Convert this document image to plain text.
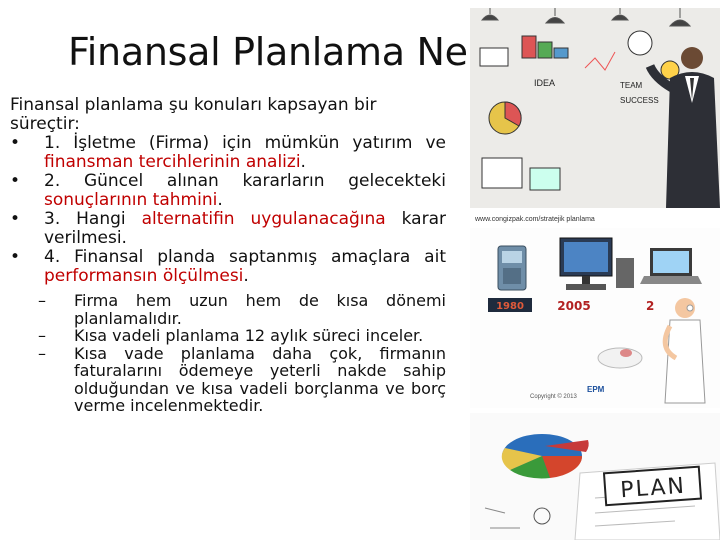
Finansal Planlama Ne

Finansal planlama şu konuları kapsayan bir süreçtir:

•	1. İşletme (Firma) için mümkün yatırım ve finansman tercihlerinin analizi.
•	2. Güncel alınan kararların gelecekteki sonuçlarının tahmini.
•	3. Hangi alternatifin uygulanacağına karar verilmesi.
•	4. Finansal planda saptanmış amaçlara ait performansın ölçülmesi.
– Firma hem uzun hem de kısa dönemi planlamalıdır.
– Kısa vadeli planlama 12 aylık süreci inceler.
– Kısa vade planlama daha çok, firmanın faturalarını ödemeye yeterli nakde sahip olduğundan ve kısa vadeli borçlanma ve borç verme incelenmektedir.
IDEA	TEAM
SUCCESS
www.congizpak.com/stratejik planlama
1980	2005	2
Copyright © 2013
EPM
PLAN
